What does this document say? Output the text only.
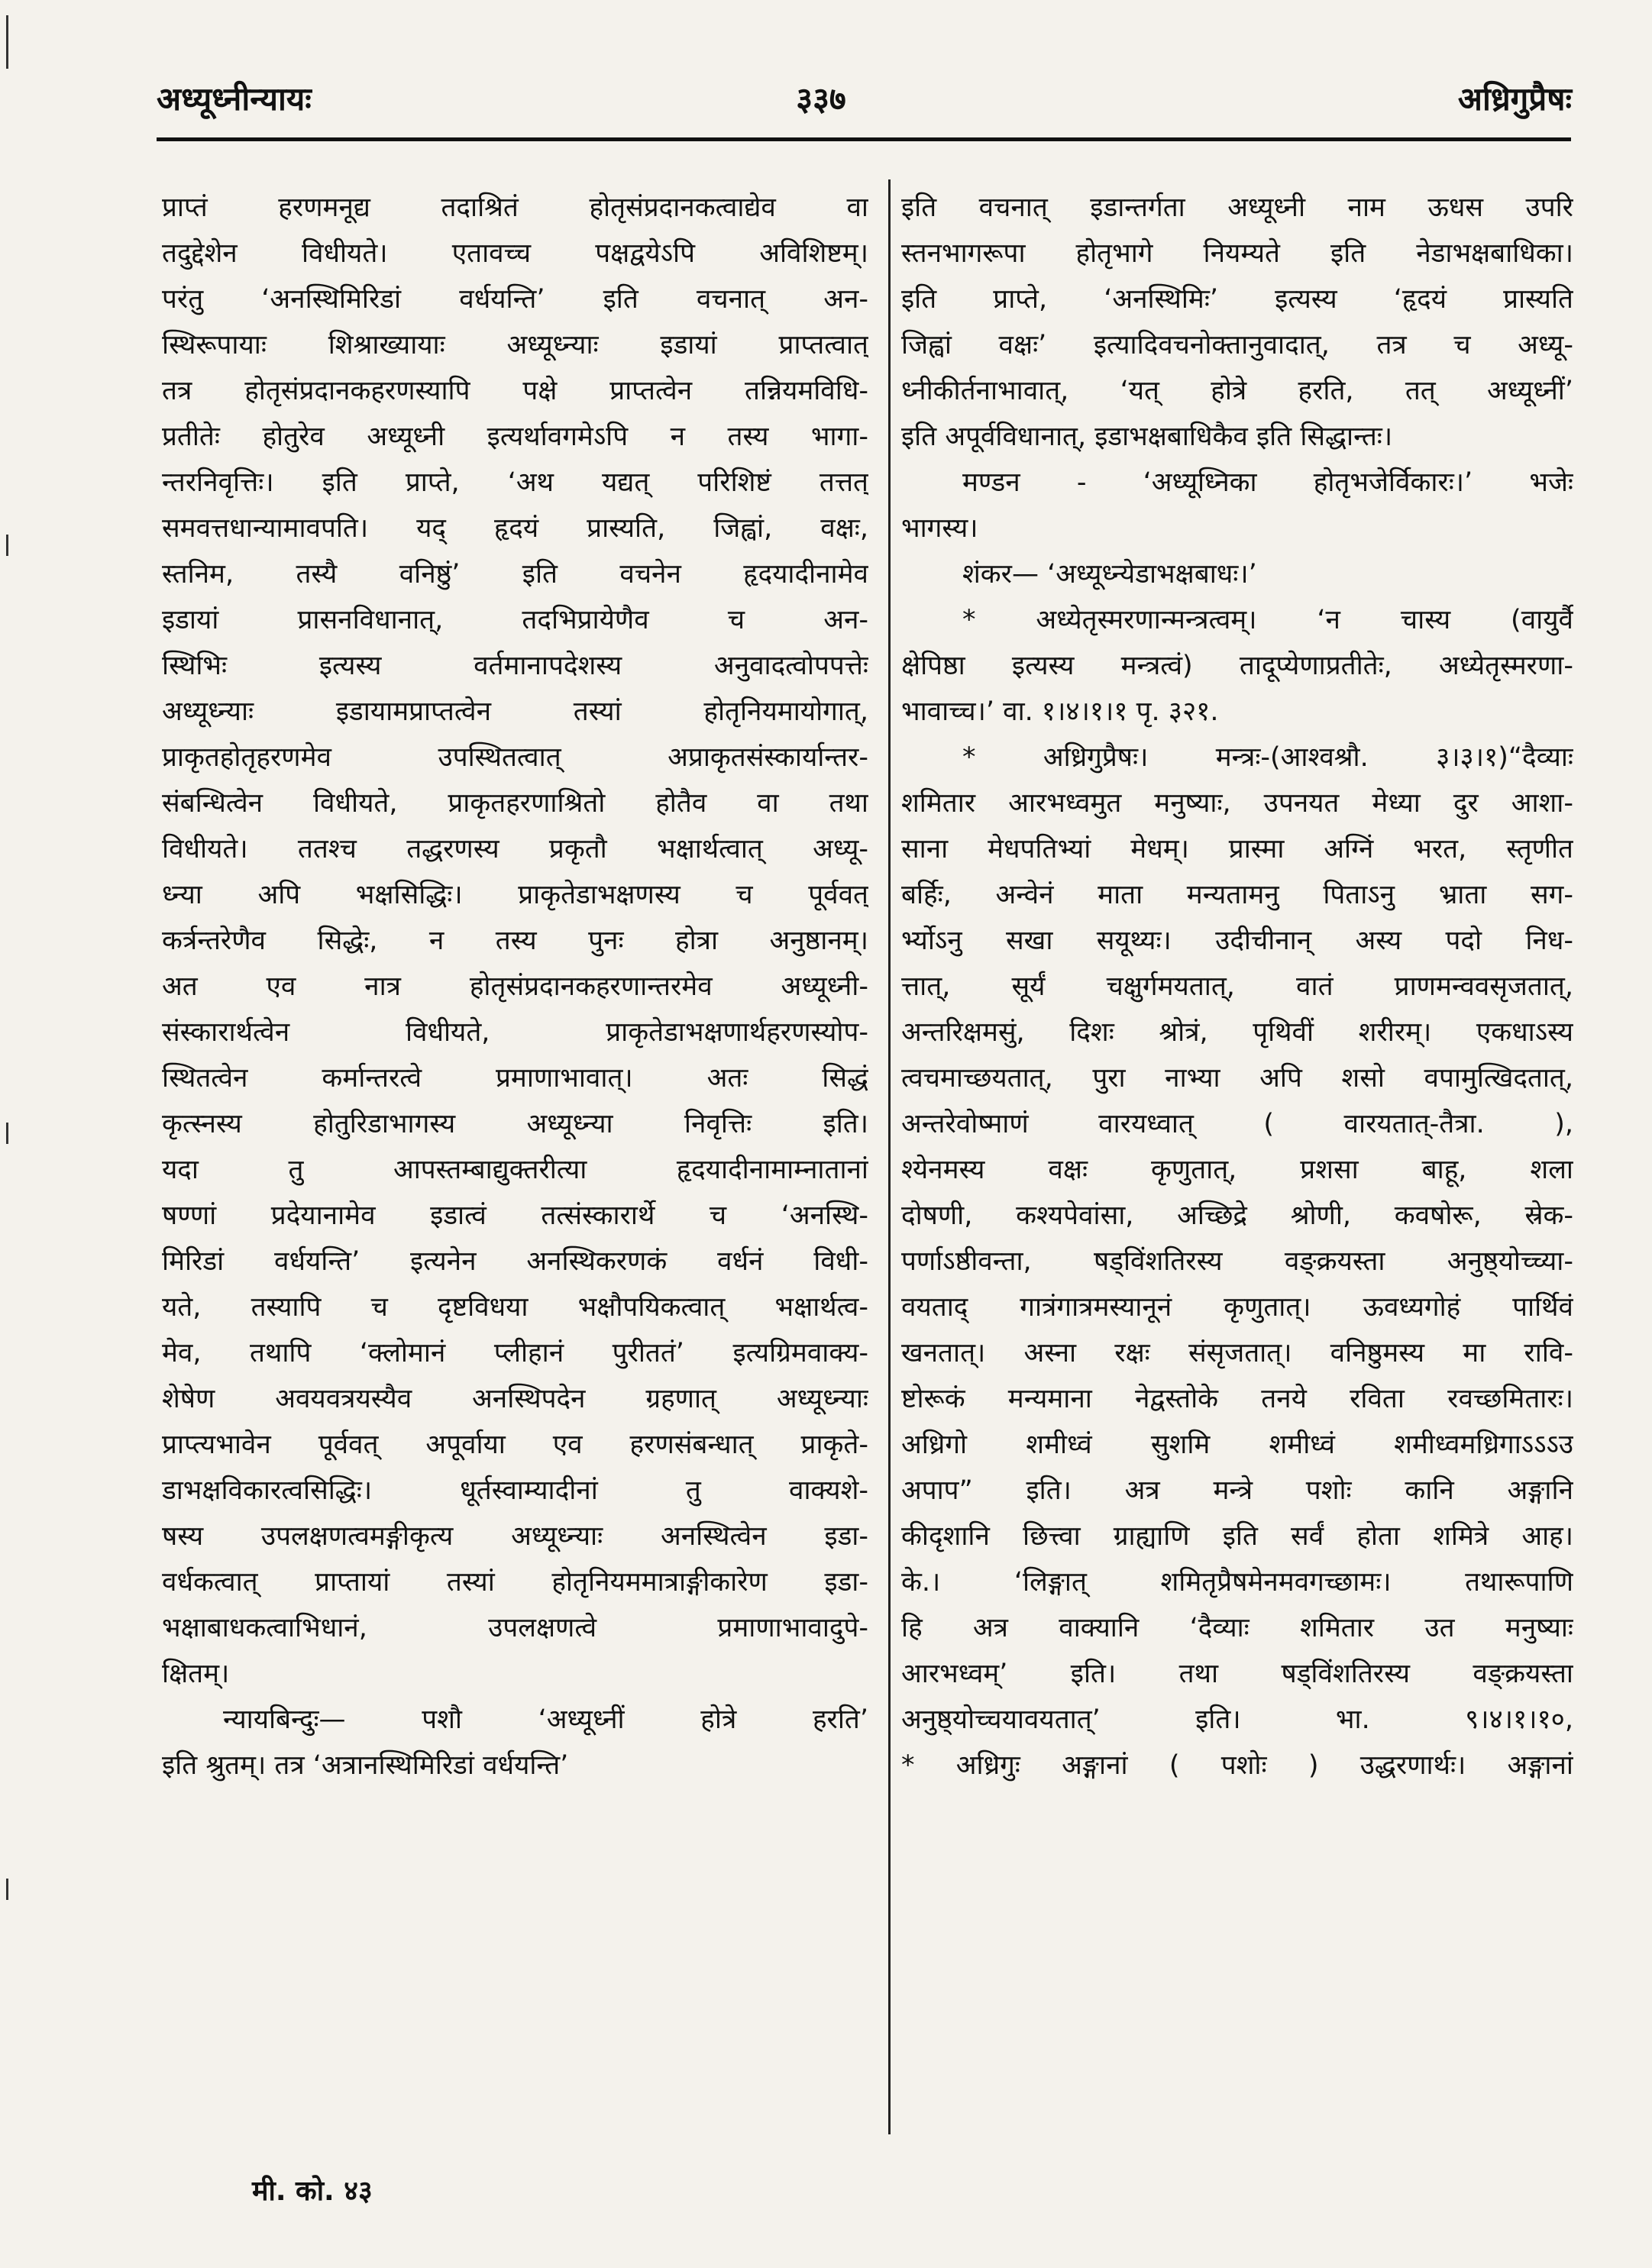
अध्यूध्नीन्यायः	३३७	अध्रिगुप्रैषः
प्राप्तं हरणमनूद्य तदाश्रितं होतृसंप्रदानकत्वाद्येव वा
तदुद्देशेन विधीयते। एतावच्च पक्षद्वयेऽपि अविशिष्टम्।
परंतु ‘अनस्थिमिरिडां वर्धयन्ति’ इति वचनात् अन-
स्थिरूपायाः शिश्राख्यायाः अध्यूध्न्याः इडायां प्राप्तत्वात्
तत्र होतृसंप्रदानकहरणस्यापि पक्षे प्राप्तत्वेन तन्नियमविधि-
प्रतीतेः होतुरेव अध्यूध्नी इत्यर्थावगमेऽपि न तस्य भागा-
न्तरनिवृत्तिः। इति प्राप्ते, ‘अथ यद्यत् परिशिष्टं तत्तत्
समवत्तधान्यामावपति। यद् हृदयं प्रास्यति, जिह्वां, वक्षः,
स्तनिम, तस्यै वनिष्ठुं’ इति वचनेन हृदयादीनामेव
इडायां प्रासनविधानात्, तदभिप्रायेणैव च अन-
स्थिभिः इत्यस्य वर्तमानापदेशस्य अनुवादत्वोपपत्तेः
अध्यूध्न्याः इडायामप्राप्तत्वेन तस्यां होतृनियमायोगात्,
प्राकृतहोतृहरणमेव उपस्थितत्वात् अप्राकृतसंस्कार्यान्तर-
संबन्धित्वेन विधीयते, प्राकृतहरणाश्रितो होतैव वा तथा
विधीयते। ततश्च तद्धरणस्य प्रकृतौ भक्षार्थत्वात् अध्यू-
ध्न्या अपि भक्षसिद्धिः। प्राकृतेडाभक्षणस्य च पूर्ववत्
कर्त्रन्तरेणैव सिद्धेः, न तस्य पुनः होत्रा अनुष्ठानम्।
अत एव नात्र होतृसंप्रदानकहरणान्तरमेव अध्यूध्नी-
संस्कारार्थत्वेन विधीयते, प्राकृतेडाभक्षणार्थहरणस्योप-
स्थितत्वेन कर्मान्तरत्वे प्रमाणाभावात्। अतः सिद्धं
कृत्स्नस्य होतुरिडाभागस्य अध्यूध्न्या निवृत्तिः इति।
यदा तु आपस्तम्बाद्युक्तरीत्या हृदयादीनामाम्नातानां
षण्णां प्रदेयानामेव इडात्वं तत्संस्कारार्थे च ‘अनस्थि-
मिरिडां वर्धयन्ति’ इत्यनेन अनस्थिकरणकं वर्धनं विधी-
यते, तस्यापि च दृष्टविधया भक्षौपयिकत्वात् भक्षार्थत्व-
मेव, तथापि ‘क्लोमानं प्लीहानं पुरीततं’ इत्यग्रिमवाक्य-
शेषेण अवयवत्रयस्यैव अनस्थिपदेन ग्रहणात् अध्यूध्न्याः
प्राप्त्यभावेन पूर्ववत् अपूर्वाया एव हरणसंबन्धात् प्राकृते-
डाभक्षविकारत्वसिद्धिः। धूर्तस्वाम्यादीनां तु वाक्यशे-
षस्य उपलक्षणत्वमङ्गीकृत्य अध्यूध्न्याः अनस्थित्वेन इडा-
वर्धकत्वात् प्राप्तायां तस्यां होतृनियममात्राङ्गीकारेण इडा-
भक्षाबाधकत्वाभिधानं, उपलक्षणत्वे प्रमाणाभावादुपे-
क्षितम्।
न्यायबिन्दुः— पशौ ‘अध्यूध्नीं होत्रे हरति’
इति श्रुतम्। तत्र ‘अत्रानस्थिमिरिडां वर्धयन्ति’
इति वचनात् इडान्तर्गता अध्यूध्नी नाम ऊधस उपरि
स्तनभागरूपा होतृभागे नियम्यते इति नेडाभक्षबाधिका।
इति प्राप्ते, ‘अनस्थिमिः’ इत्यस्य ‘हृदयं प्रास्यति
जिह्वां वक्षः’ इत्यादिवचनोक्तानुवादात्, तत्र च अध्यू-
ध्नीकीर्तनाभावात्, ‘यत् होत्रे हरति, तत् अध्यूध्नीं’
इति अपूर्वविधानात्, इडाभक्षबाधिकैव इति सिद्धान्तः।
मण्डन - ‘अध्यूध्निका होतृभजेर्विकारः।’ भजेः
भागस्य।
शंकर— ‘अध्यूध्न्येडाभक्षबाधः।’
* अध्येतृस्मरणान्मन्त्रत्वम्। ‘न चास्य (वायुर्वै
क्षेपिष्ठा इत्यस्य मन्त्रत्वं) तादूप्येणाप्रतीतेः, अध्येतृस्मरणा-
भावाच्च।’ वा. १।४।१।१ पृ. ३२१.
* अध्रिगुप्रैषः। मन्त्रः-(आश्वश्रौ. ३।३।१)“दैव्याः
शमितार आरभध्वमुत मनुष्याः, उपनयत मेध्या दुर आशा-
साना मेधपतिभ्यां मेधम्। प्रास्मा अग्निं भरत, स्तृणीत
बर्हिः, अन्वेनं माता मन्यतामनु पिताऽनु भ्राता सग-
र्भ्योऽनु सखा सयूथ्यः। उदीचीनान् अस्य पदो निध-
त्तात्, सूर्यं चक्षुर्गमयतात्, वातं प्राणमन्ववसृजतात्,
अन्तरिक्षमसुं, दिशः श्रोत्रं, पृथिवीं शरीरम्। एकधाऽस्य
त्वचमाच्छयतात्, पुरा नाभ्या अपि शसो वपामुत्खिदतात्,
अन्तरेवोष्माणं वारयध्वात् ( वारयतात्-तैत्रा. ),
श्येनमस्य वक्षः कृणुतात्, प्रशसा बाहू, शला
दोषणी, कश्यपेवांसा, अच्छिद्रे श्रोणी, कवषोरू, स्रेक-
पर्णाऽष्ठीवन्ता, षड्विंशतिरस्य वङ्क्रयस्ता अनुष्ठ्योच्च्या-
वयताद् गात्रंगात्रमस्यानूनं कृणुतात्। ऊवध्यगोहं पार्थिवं
खनतात्। अस्ना रक्षः संसृजतात्। वनिष्ठुमस्य मा रावि-
ष्टोरूकं मन्यमाना नेद्वस्तोके तनये रविता रवच्छमितारः।
अध्रिगो शमीध्वं सुशमि शमीध्वं शमीध्वमध्रिगाऽऽऽउ
अपाप” इति। अत्र मन्त्रे पशोः कानि अङ्गानि
कीदृशानि छित्त्वा ग्राह्याणि इति सर्वं होता शमित्रे आह।
के.। ‘लिङ्गात् शमितृप्रैषमेनमवगच्छामः। तथारूपाणि
हि अत्र वाक्यानि ‘दैव्याः शमितार उत मनुष्याः
आरभध्वम्’ इति। तथा षड्विंशतिरस्य वङ्क्रयस्ता
अनुष्ठ्योच्चयावयतात्’ इति। भा. ९।४।१।१०,
* अध्रिगुः अङ्गानां ( पशोः ) उद्धरणार्थः। अङ्गानां
मी. को. ४३
